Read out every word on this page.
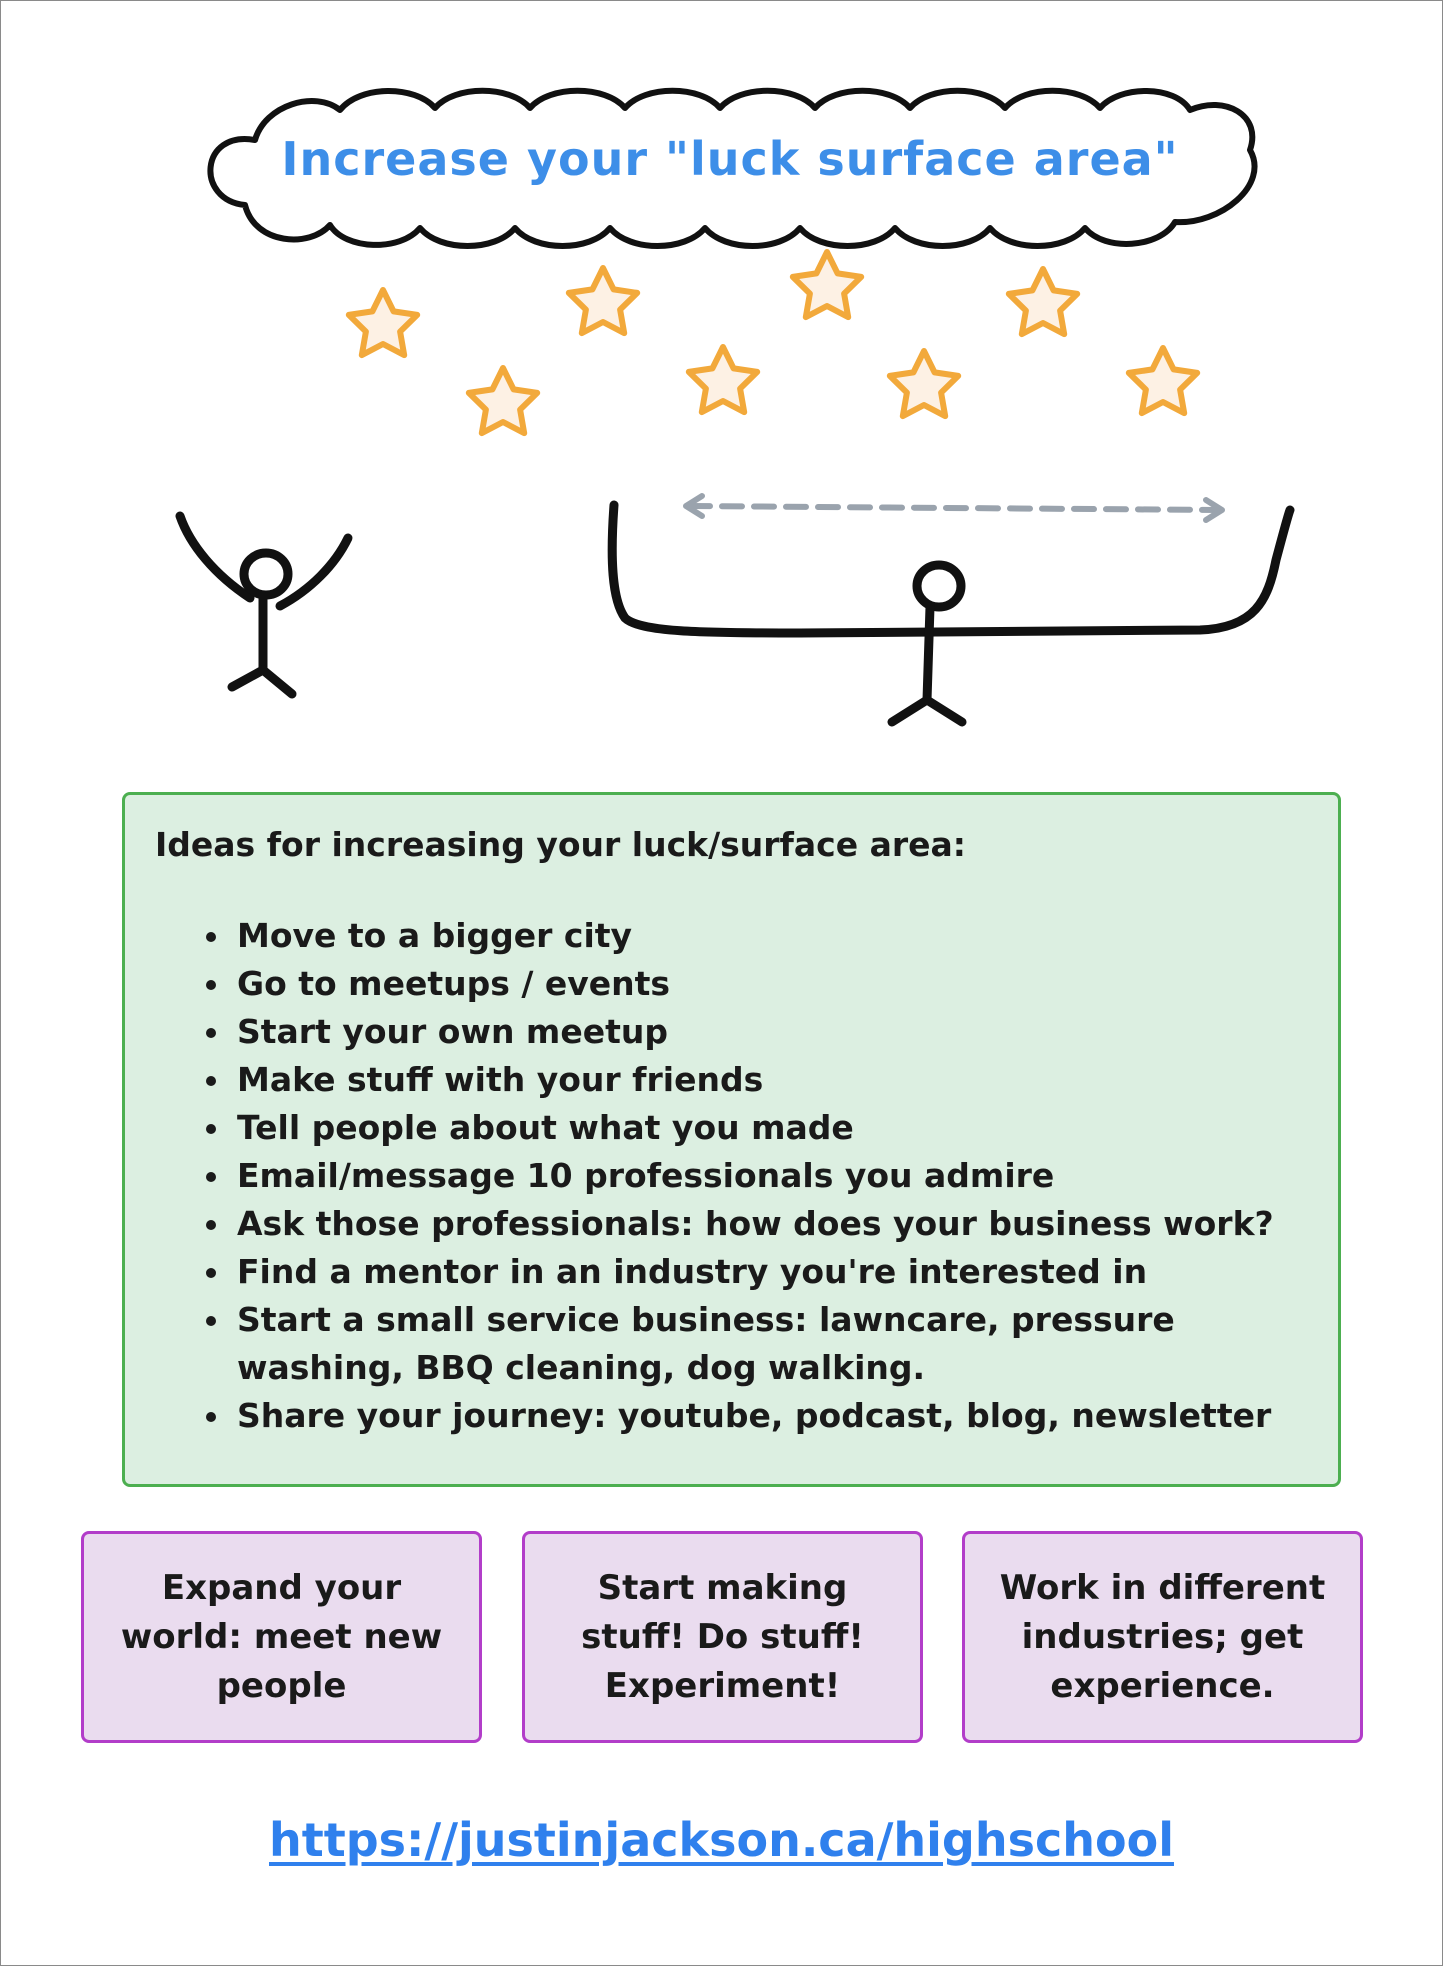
Increase your "luck surface area"
Ideas for increasing your luck/surface area:
• Move to a bigger city
• Go to meetups / events
• Start your own meetup
• Make stuff with your friends
• Tell people about what you made
• Email/message 10 professionals you admire
• Ask those professionals: how does your business work?
• Find a mentor in an industry you're interested in
• Start a small service business: lawncare, pressure washing, BBQ cleaning, dog walking.
• Share your journey: youtube, podcast, blog, newsletter
Expand your world: meet new people
Start making stuff! Do stuff! Experiment!
Work in different industries; get experience.
https://justinjackson.ca/highschool
